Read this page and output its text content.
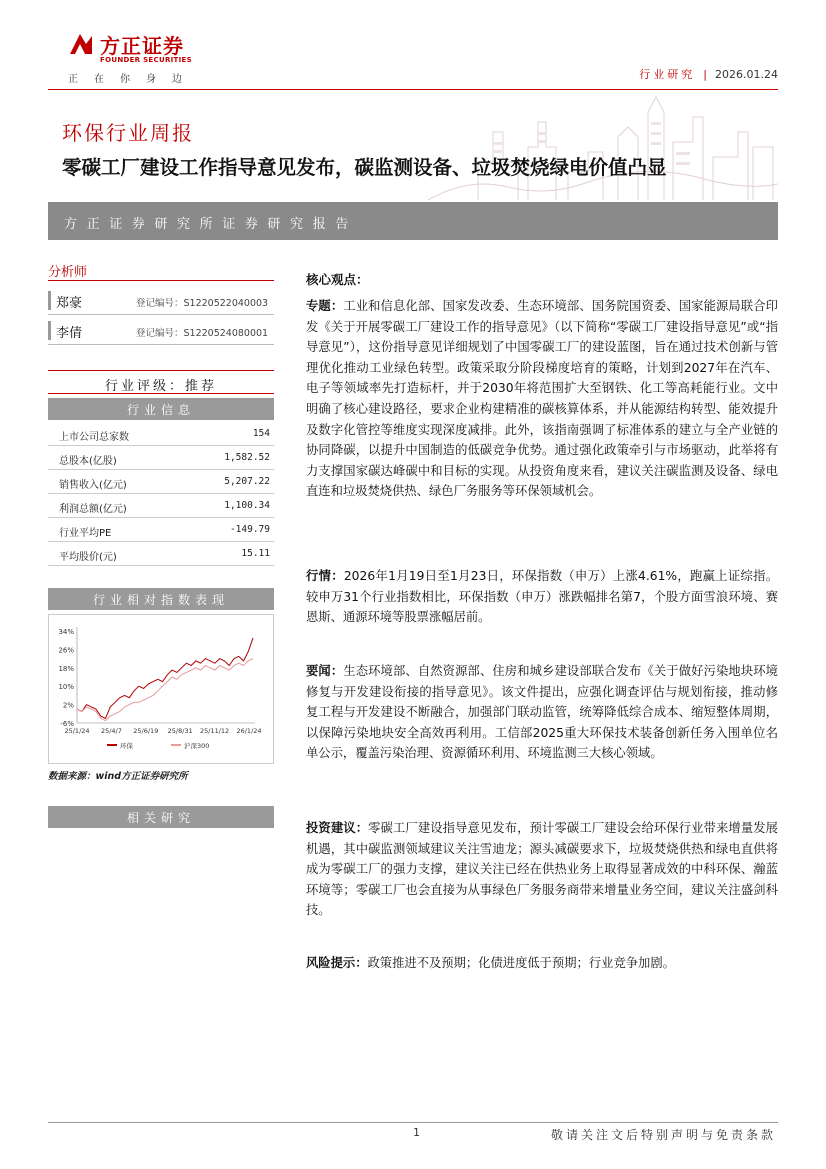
方正证券
FOUNDER SECURITIES
正在你身边	行业研究 | 2026.01.24
环保行业周报
零碳工厂建设工作指导意见发布，碳监测设备、垃圾焚烧绿电价值凸显
方正证券研究所证券研究报告
分析师
郑豪	登记编号：S1220522040003
李倩	登记编号：S1220524080001
行业评级：推荐
行业信息
上市公司总家数	154
总股本(亿股)	1,582.52
销售收入(亿元)	5,207.22
利润总额(亿元)	1,100.34
行业平均PE	-149.79
平均股价(元)	15.11
行业相对指数表现
34%
26%
18%
10%
2%
-6%
25/1/24 25/4/7 25/6/19 25/8/31 25/11/12 26/1/24
环保	沪深300
数据来源：wind方正证券研究所
相关研究
核心观点：
专题：工业和信息化部、国家发改委、生态环境部、国务院国资委、国家能源局联合印发《关于开展零碳工厂建设工作的指导意见》（以下简称“零碳工厂建设指导意见”或“指导意见”），这份指导意见详细规划了中国零碳工厂的建设蓝图，旨在通过技术创新与管理优化推动工业绿色转型。政策采取分阶段梯度培育的策略，计划到2027年在汽车、电子等领域率先打造标杆，并于2030年将范围扩大至钢铁、化工等高耗能行业。文中明确了核心建设路径，要求企业构建精准的碳核算体系，并从能源结构转型、能效提升及数字化管控等维度实现深度减排。此外，该指南强调了标准体系的建立与全产业链的协同降碳，以提升中国制造的低碳竞争优势。通过强化政策牵引与市场驱动，此举将有力支撑国家碳达峰碳中和目标的实现。从投资角度来看，建议关注碳监测及设备、绿电直连和垃圾焚烧供热、绿色厂务服务等环保领域机会。
行情：2026年1月19日至1月23日，环保指数（申万）上涨4.61%，跑赢上证综指。较申万31个行业指数相比，环保指数（申万）涨跌幅排名第7，个股方面雪浪环境、赛恩斯、通源环境等股票涨幅居前。
要闻：生态环境部、自然资源部、住房和城乡建设部联合发布《关于做好污染地块环境修复与开发建设衔接的指导意见》。该文件提出，应强化调查评估与规划衔接，推动修复工程与开发建设不断融合，加强部门联动监管，统筹降低综合成本、缩短整体周期，以保障污染地块安全高效再利用。工信部2025重大环保技术装备创新任务入围单位名单公示，覆盖污染治理、资源循环利用、环境监测三大核心领域。
投资建议：零碳工厂建设指导意见发布，预计零碳工厂建设会给环保行业带来增量发展机遇，其中碳监测领域建议关注雪迪龙；源头减碳要求下，垃圾焚烧供热和绿电直供将成为零碳工厂的强力支撑，建议关注已经在供热业务上取得显著成效的中科环保、瀚蓝环境等；零碳工厂也会直接为从事绿色厂务服务商带来增量业务空间，建议关注盛剑科技。
风险提示：政策推进不及预期；化债进度低于预期；行业竞争加剧。
1	敬请关注文后特别声明与免责条款
